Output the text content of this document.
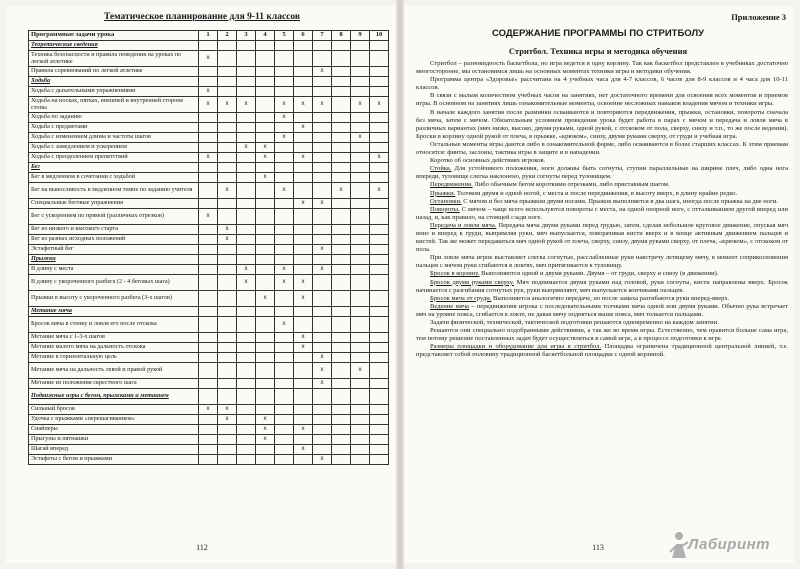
Тематическое планирование для 9-11 классов
Программные задачи урока	1	2	3	4	5	6	7	8	9	10
Теоретические сведения										
Техника безопасности и правила поведения на уроках по легкой атлетике	x									
Правила соревнований по легкой атлетике							x			
Ходьба										
Ходьба с дыхательными упражнениями	x									
Ходьба на носках, пятках, внешней и внутренней стороне стопы	x	x	x		x	x	x		x	x
Ходьба по заданию					x					
Ходьба с предметами						x				
Ходьба с изменением длины и частоты шагов					x				x	
Ходьба с замедлением и ускорением			x	x						
Ходьба с преодолением препятствий	x			x		x				x
Бег										
Бег в медленном в сочетании с ходьбой				x						
Бег на выносливость в медленном темпе по заданию учителя		x			x			x		x
Специальные беговые упражнения						x	x			
Бег с ускорением по прямой (различных отрезков)	x									
Бег из низкого и высокого старта		x								
Бег из разных исходных положений		x								
Эстафетный бег							x			
Прыжки										
В длину с места			x		x		x			
В длину с укороченного разбега (2 - 4 беговых шага)			x		x	x				
Прыжки в высоту с укороченного разбега (3-х шагов)				x		x				
Метание мяча										
Бросок мяча в стенку и ловля его после отскока					x					
Метание мяча с 1-3-х шагов						x				
Метание малого мяча на дальность отскока						x				
Метание в горизонтальную цель							x			
Метание мяча на дальность левой и правой рукой							x		x	
Метание из положения скрестного шага							x			
Подвижные игры с бегом, прыжками и метанием										
Сильный бросок	x	x								
Удочка с прыжками «перешагиванием»		x		x						
Снайперы				x		x				
Прыгуны и пятнашки				x						
Шагай вперед						x				
Эстафеты с бегом и прыжками							x			
112
Приложение 3
СОДЕРЖАНИЕ ПРОГРАММЫ ПО СТРИТБОЛУ
Стритбол. Техника игры и методика обучения

Стритбол – разновидность баскетбола, но игра ведется в одну корзину. Так как баскетбол представлен в учебниках достаточно многосторонне, мы остановимся лишь на основных моментах техники игры и методики обучения.

Программа центра «Здоровье» рассчитана на 4 учебных часа для 4-7 классов, 6 часов для 8-9 классов и 4 часа для 10-11 классов.

В связи с малым количеством учебных часов на занятиях, нет достаточного времени для освоения всех моментов и приемов игры. В основном на занятиях лишь ознакомительные моменты, освоение несложных навыков владения мячом и техники игры.

В начале каждого занятия после разминки осваиваются и повторяются передвижения, прыжки, остановки, повороты сначала без мяча, затем с мячом. Обязательным условием проведения урока будет работа в парах с мячом и передача и ловля мяча в различных вариантах (мяч низко, высоко, двумя руками, одной рукой, с отскоком от пола, сверху, снизу и т.п., то же после ведения). Броски в корзину одной рукой от плеча, в прыжке, «крюком», снизу, двумя руками сверху, от груди и учебная игра.

Остальные моменты игры даются либо в ознакомительной форме, либо осваиваются в более старших классах. К этим приемам относятся: финты, заслоны, тактика игры в защите и в нападении.

Коротко об основных действиях игроков.

Стойка. Для устойчивого положения, ноги должны быть согнуты, ступни параллельные на ширине плеч, либо одна нога впереди, туловище слегка наклонено, руки согнуты перед туловищем.

Передвижения. Либо обычным бегом короткими отрезками, либо приставным шагом.

Прыжки. Толчком двумя и одной ногой, с места и после передвижения, в высоту вверх, в длину крайне редко.

Остановки. С мячом и без мяча прыжком двумя ногами. Прыжок выполняется в два шага, иногда после прыжка на две ноги.

Повороты. С мячом – чаще всего используются повороты с места, на одной опорной ноге, с отталкиванием другой вперед или назад, и, как правило, на стоящей сзади ноге.

Передача и ловля мяча. Передача мяча двумя руками перед грудью, затем, сделав небольшое круговое движение, опуская мяч вниз и вперед к груди, выпрямляя руки, мяч выпускается, поворачивая кисти вверх и в конце активным движением пальцев и кистей. Так же может передаваться мяч одной рукой от плеча, сверху, снизу, двумя руками сверху, от плеча, «крюком», с отскоком от пола.

При ловле мяча игрок выставляет слегка согнутые, расслабленные руки навстречу летящему мячу, в момент соприкосновения пальцев с мячом руки сгибаются в локтях, мяч притягивается к туловищу.

Бросок в корзину. Выполняются одной и двумя руками. Двумя – от груди, сверху и снизу (в движении).

Бросок двумя руками сверху. Мяч поднимается двумя руками над головой, руки согнуты, кисти направлены вверх. Бросок начинается с разгибания согнутых рук, руки выпрямляют, мяч выпускается кончиками пальцев.

Бросок мяча от груди. Выполняется аналогично передаче, но после замаха разгибаются руки вперед-вверх.

Ведение мяча – передвижения игрока с последовательными толчками мяча одной или двумя руками. Обычно рука встречает мяч на уровне пояса, сгибается в локте, не давая мячу подняться выше пояса, мяч толкается пальцами.

Задачи физической, технической, тактической подготовки решаются одновременно на каждом занятии.

Решаются они специально подобранными действиями, а так же во время игры. Естественно, чем нравится больше сама игра, тем потому решение поставленных задач будет осуществляться в самой игре, а в процессе подготовки к игре.

Размеры площадки и оборудование для игры в стритбол. Площадка ограничена традиционной центральной линией, т.е. представляет собой половину традиционной баскетбольной площадки с одной корзиной.

113	Лабиринт
